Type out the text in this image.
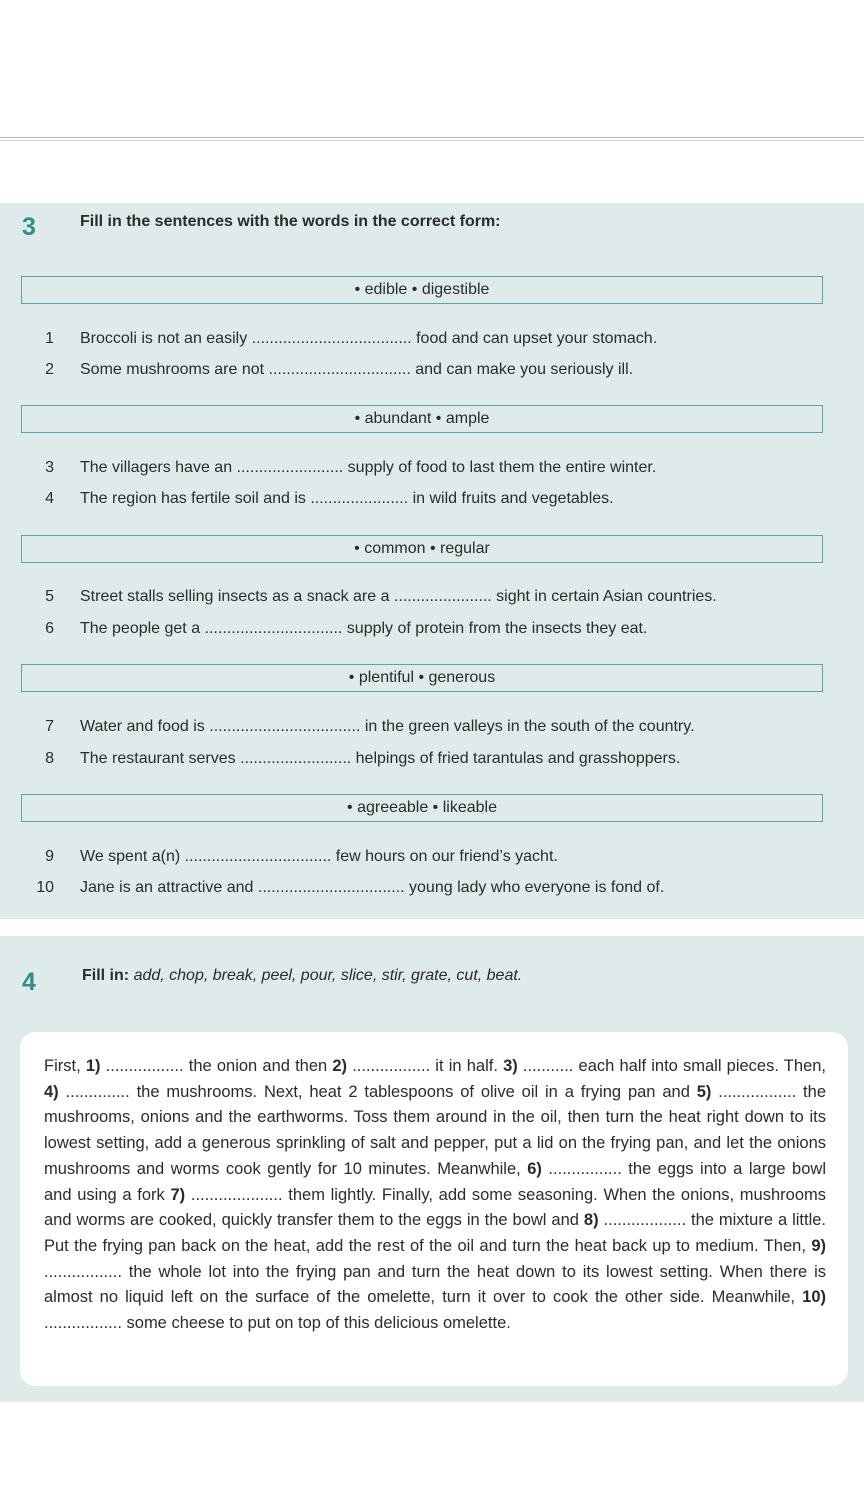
3	Fill in the sentences with the words in the correct form:
• edible • digestible
1 Broccoli is not an easily .................................... food and can upset your stomach.
2 Some mushrooms are not ................................ and can make you seriously ill.
• abundant • ample
3 The villagers have an ........................ supply of food to last them the entire winter.
4 The region has fertile soil and is ...................... in wild fruits and vegetables.
• common • regular
5 Street stalls selling insects as a snack are a ...................... sight in certain Asian countries.
6 The people get a ............................... supply of protein from the insects they eat.
• plentiful • generous
7 Water and food is .................................. in the green valleys in the south of the country.
8 The restaurant serves ......................... helpings of fried tarantulas and grasshoppers.
• agreeable • likeable
9 We spent a(n) ................................. few hours on our friend’s yacht.
10 Jane is an attractive and ................................. young lady who everyone is fond of.
4	Fill in: add, chop, break, peel, pour, slice, stir, grate, cut, beat.
First, 1) ................. the onion and then 2) ................. it in half. 3) ........... each half into small pieces. Then, 4) .............. the mushrooms. Next, heat 2 tablespoons of olive oil in a frying pan and 5) ................. the mushrooms, onions and the earthworms. Toss them around in the oil, then turn the heat right down to its lowest setting, add a generous sprinkling of salt and pepper, put a lid on the frying pan, and let the onions mushrooms and worms cook gently for 10 minutes. Meanwhile, 6) ................ the eggs into a large bowl and using a fork 7) .................... them lightly. Finally, add some seasoning. When the onions, mushrooms and worms are cooked, quickly transfer them to the eggs in the bowl and 8) .................. the mixture a little. Put the frying pan back on the heat, add the rest of the oil and turn the heat back up to medium. Then, 9) ................. the whole lot into the frying pan and turn the heat down to its lowest setting. When there is almost no liquid left on the surface of the omelette, turn it over to cook the other side. Meanwhile, 10) ................. some cheese to put on top of this delicious omelette.
